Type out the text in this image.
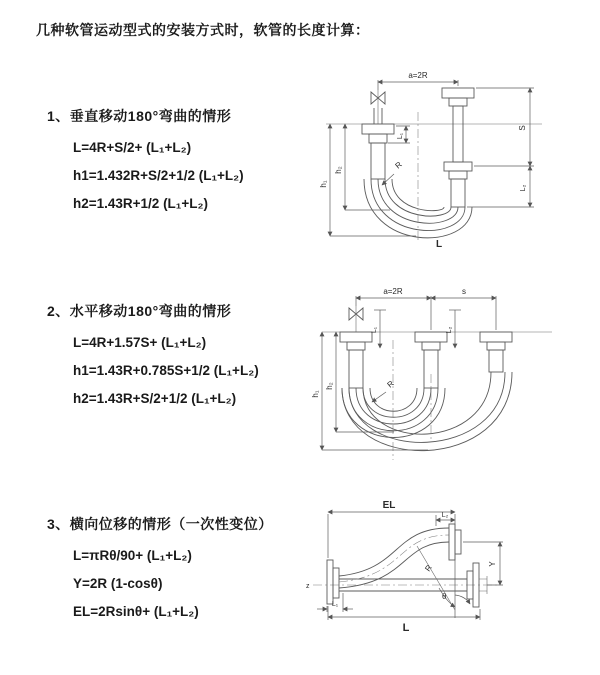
几种软管运动型式的安装方式时，软管的长度计算：
1、垂直移动180°弯曲的情形
L=4R+S/2+ (L₁+L₂)
h1=1.432R+S/2+1/2 (L₁+L₂)
h2=1.43R+1/2 (L₁+L₂)
2、水平移动180°弯曲的情形
L=4R+1.57S+ (L₁+L₂)
h1=1.43R+0.785S+1/2 (L₁+L₂)
h2=1.43R+S/2+1/2 (L₁+L₂)
3、横向位移的情形（一次性变位）
L=πRθ/90+ (L₁+L₂)
Y=2R (1-cosθ)
EL=2Rsinθ+ (L₁+L₂)
a=2R
R
L
h₁
h₂
S
L₂
L₁
a=2R	s
L₁	L₂
R
h₁
h₂
z
EL
L₂
Y
R
θ
L₁
L
